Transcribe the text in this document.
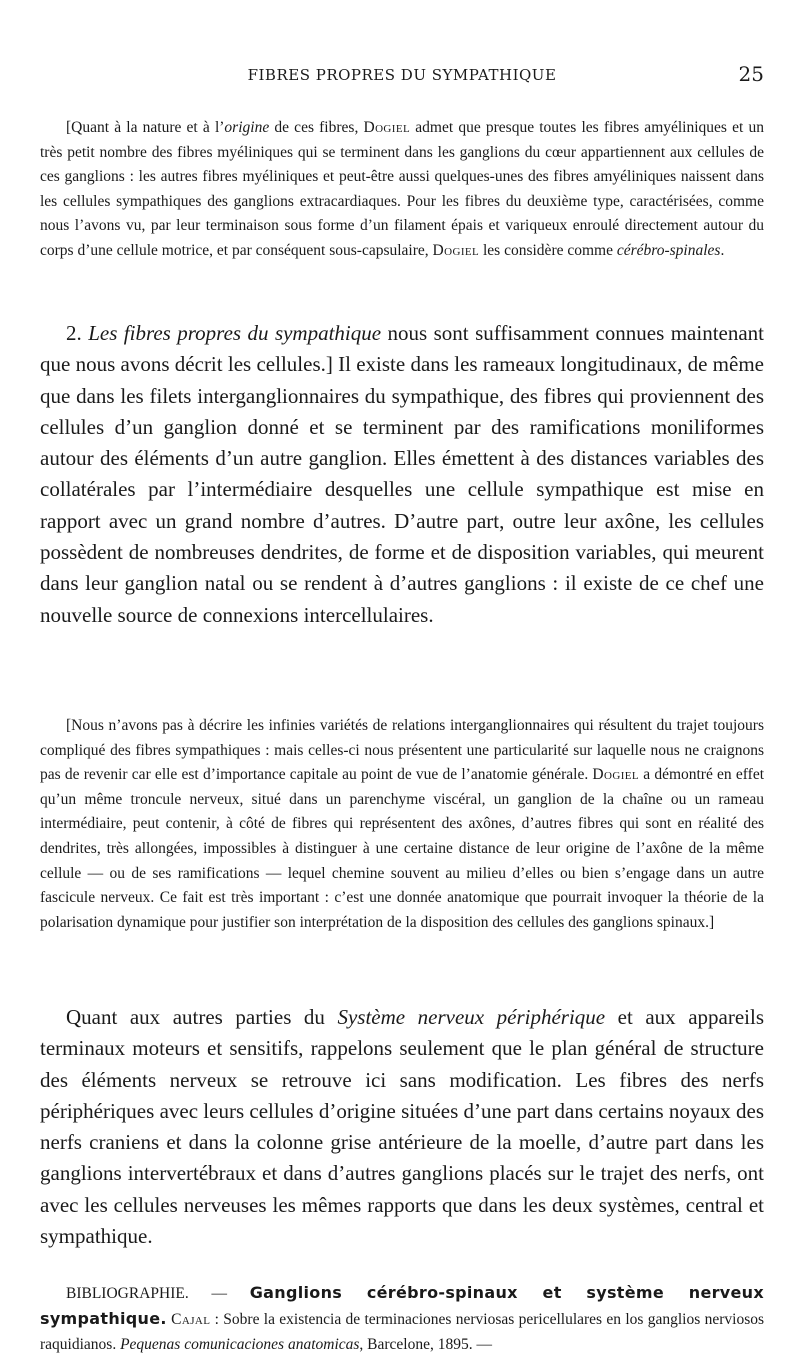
FIBRES PROPRES DU SYMPATHIQUE	25

[Quant à la nature et à l’origine de ces fibres, Dogiel admet que presque toutes les fibres amyéliniques et un très petit nombre des fibres myéliniques qui se terminent dans les ganglions du cœur appartiennent aux cellules de ces ganglions : les autres fibres myéliniques et peut-être aussi quelques-unes des fibres amyéliniques naissent dans les cellules sympathiques des ganglions extracardiaques. Pour les fibres du deuxième type, caractérisées, comme nous l’avons vu, par leur terminaison sous forme d’un filament épais et variqueux enroulé directement autour du corps d’une cellule motrice, et par conséquent sous-capsulaire, Dogiel les considère comme cérébro-spinales.

2. Les fibres propres du sympathique nous sont suffisamment connues maintenant que nous avons décrit les cellules.] Il existe dans les rameaux longitudinaux, de même que dans les filets interganglionnaires du sympathique, des fibres qui proviennent des cellules d’un ganglion donné et se terminent par des ramifications moniliformes autour des éléments d’un autre ganglion. Elles émettent à des distances variables des collatérales par l’intermédiaire desquelles une cellule sympathique est mise en rapport avec un grand nombre d’autres. D’autre part, outre leur axône, les cellules possèdent de nombreuses dendrites, de forme et de disposition variables, qui meurent dans leur ganglion natal ou se rendent à d’autres ganglions : il existe de ce chef une nouvelle source de connexions intercellulaires.

[Nous n’avons pas à décrire les infinies variétés de relations interganglionnaires qui résultent du trajet toujours compliqué des fibres sympathiques : mais celles-ci nous présentent une particularité sur laquelle nous ne craignons pas de revenir car elle est d’importance capitale au point de vue de l’anatomie générale. Dogiel a démontré en effet qu’un même troncule nerveux, situé dans un parenchyme viscéral, un ganglion de la chaîne ou un rameau intermédiaire, peut contenir, à côté de fibres qui représentent des axônes, d’autres fibres qui sont en réalité des dendrites, très allongées, impossibles à distinguer à une certaine distance de leur origine de l’axône de la même cellule — ou de ses ramifications — lequel chemine souvent au milieu d’elles ou bien s’engage dans un autre fascicule nerveux. Ce fait est très important : c’est une donnée anatomique que pourrait invoquer la théorie de la polarisation dynamique pour justifier son interprétation de la disposition des cellules des ganglions spinaux.]

Quant aux autres parties du Système nerveux périphérique et aux appareils terminaux moteurs et sensitifs, rappelons seulement que le plan général de structure des éléments nerveux se retrouve ici sans modification. Les fibres des nerfs périphériques avec leurs cellules d’origine situées d’une part dans certains noyaux des nerfs craniens et dans la colonne grise antérieure de la moelle, d’autre part dans les ganglions intervertébraux et dans d’autres ganglions placés sur le trajet des nerfs, ont avec les cellules nerveuses les mêmes rapports que dans les deux systèmes, central et sympathique.

BIBLIOGRAPHIE. — Ganglions cérébro-spinaux et système nerveux sympathique. Cajal : Sobre la existencia de terminaciones nerviosas pericellulares en los ganglios nerviosos raquidianos. Pequenas comunicaciones anatomicas, Barcelone, 1895. —
